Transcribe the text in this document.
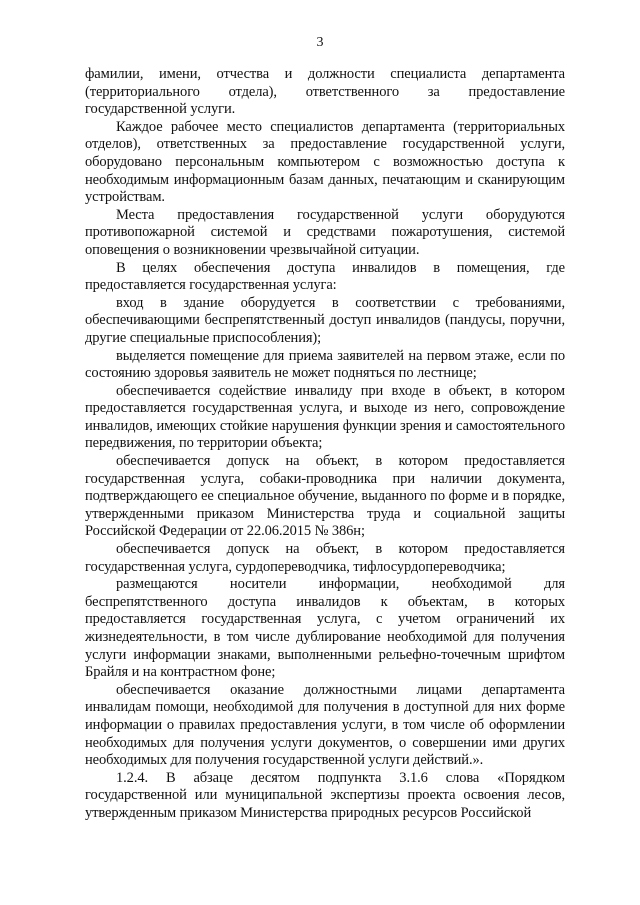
3

фамилии, имени, отчества и должности специалиста департамента (территориального отдела), ответственного за предоставление государственной услуги.

Каждое рабочее место специалистов департамента (территориальных отделов), ответственных за предоставление государственной услуги, оборудовано персональным компьютером с возможностью доступа к необходимым информационным базам данных, печатающим и сканирующим устройствам.

Места предоставления государственной услуги оборудуются противопожарной системой и средствами пожаротушения, системой оповещения о возникновении чрезвычайной ситуации.

В целях обеспечения доступа инвалидов в помещения, где предоставляется государственная услуга:

вход в здание оборудуется в соответствии с требованиями, обеспечивающими беспрепятственный доступ инвалидов (пандусы, поручни, другие специальные приспособления);

выделяется помещение для приема заявителей на первом этаже, если по состоянию здоровья заявитель не может подняться по лестнице;

обеспечивается содействие инвалиду при входе в объект, в котором предоставляется государственная услуга, и выходе из него, сопровождение инвалидов, имеющих стойкие нарушения функции зрения и самостоятельного передвижения, по территории объекта;

обеспечивается допуск на объект, в котором предоставляется государственная услуга, собаки-проводника при наличии документа, подтверждающего ее специальное обучение, выданного по форме и в порядке, утвержденными приказом Министерства труда и социальной защиты Российской Федерации от 22.06.2015 № 386н;

обеспечивается допуск на объект, в котором предоставляется государственная услуга, сурдопереводчика, тифлосурдопереводчика;

размещаются носители информации, необходимой для беспрепятственного доступа инвалидов к объектам, в которых предоставляется государственная услуга, с учетом ограничений их жизнедеятельности, в том числе дублирование необходимой для получения услуги информации знаками, выполненными рельефно-точечным шрифтом Брайля и на контрастном фоне;

обеспечивается оказание должностными лицами департамента инвалидам помощи, необходимой для получения в доступной для них форме информации о правилах предоставления услуги, в том числе об оформлении необходимых для получения услуги документов, о совершении ими других необходимых для получения государственной услуги действий.».

1.2.4. В абзаце десятом подпункта 3.1.6 слова «Порядком государственной или муниципальной экспертизы проекта освоения лесов, утвержденным приказом Министерства природных ресурсов Российской
